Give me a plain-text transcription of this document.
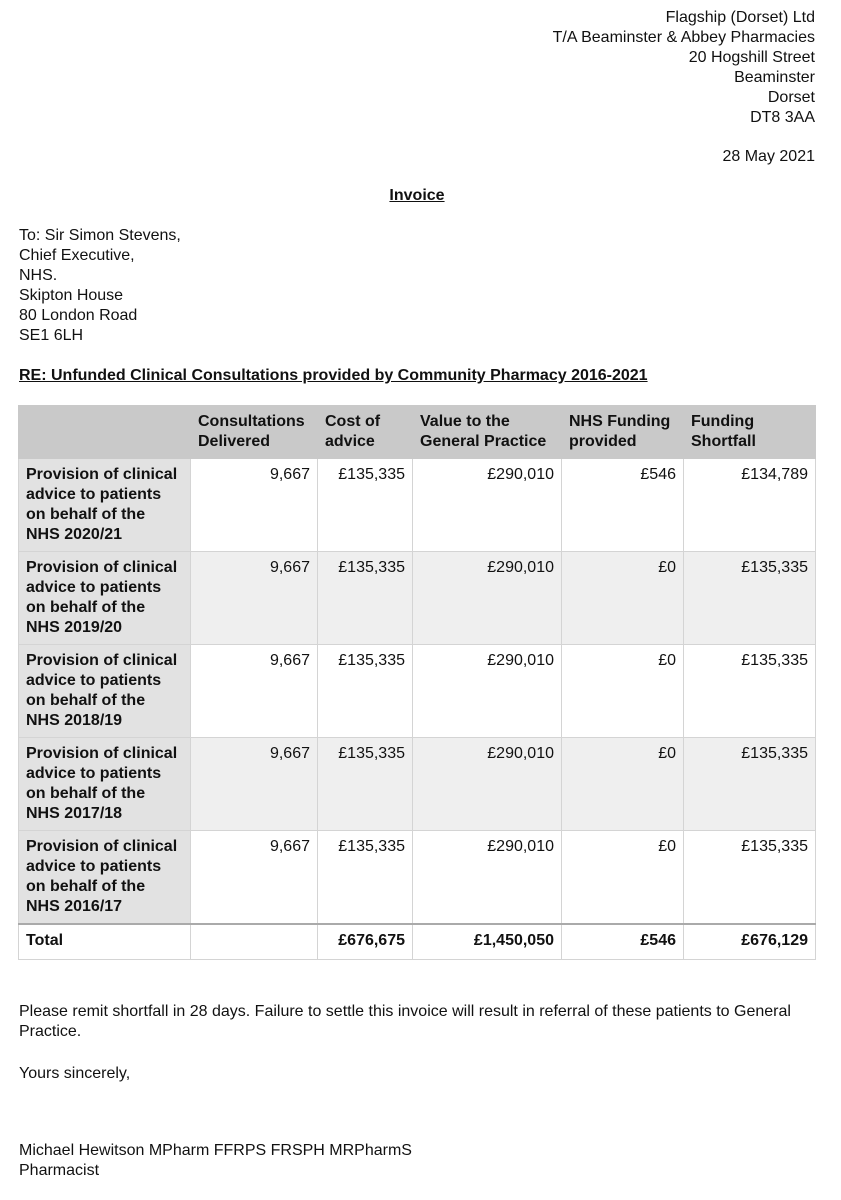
Flagship (Dorset) Ltd
T/A Beaminster & Abbey Pharmacies
20 Hogshill Street
Beaminster
Dorset
DT8 3AA
28 May 2021
Invoice
To: Sir Simon Stevens,
Chief Executive,
NHS.
Skipton House
80 London Road
SE1 6LH
RE: Unfunded Clinical Consultations provided by Community Pharmacy 2016-2021
	Consultations Delivered	Cost of advice	Value to the General Practice	NHS Funding provided	Funding Shortfall
Provision of clinical advice to patients on behalf of the NHS 2020/21	9,667	£135,335	£290,010	£546	£134,789
Provision of clinical advice to patients on behalf of the NHS 2019/20	9,667	£135,335	£290,010	£0	£135,335
Provision of clinical advice to patients on behalf of the NHS 2018/19	9,667	£135,335	£290,010	£0	£135,335
Provision of clinical advice to patients on behalf of the NHS 2017/18	9,667	£135,335	£290,010	£0	£135,335
Provision of clinical advice to patients on behalf of the NHS 2016/17	9,667	£135,335	£290,010	£0	£135,335
Total		£676,675	£1,450,050	£546	£676,129
Please remit shortfall in 28 days. Failure to settle this invoice will result in referral of these patients to General Practice.
Yours sincerely,
Michael Hewitson MPharm FFRPS FRSPH MRPharmS
Pharmacist
